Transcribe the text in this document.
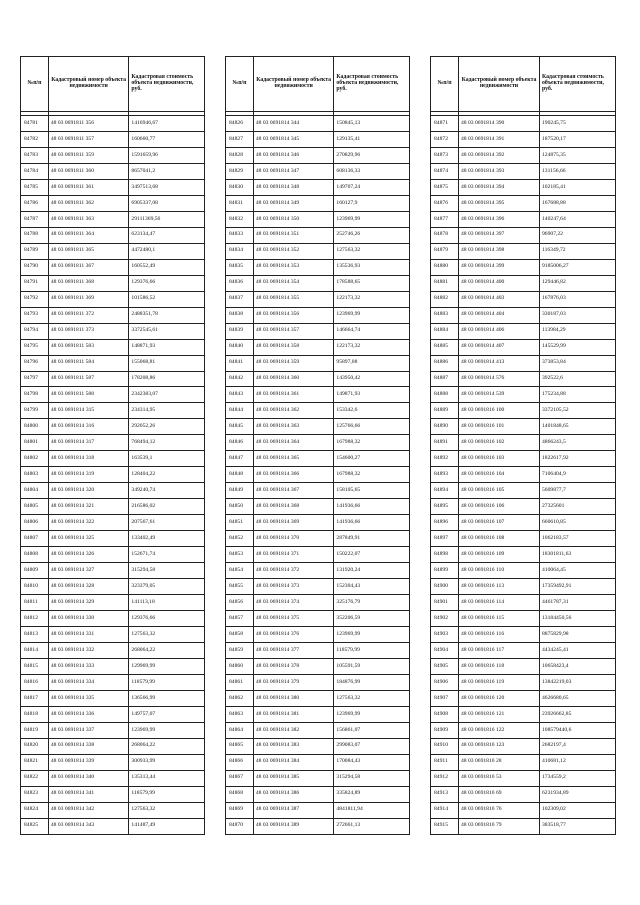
№п/п	Кадастровый номер объекта недвижимости	Кадастровая стоимость объекта недвижимости, руб.

84781	48 03 0691811 356	1416946,67
84782	48 03 0691811 357	160660,77
84783	48 03 0691811 359	1591659,96
84784	48 03 0691811 360	8657041,2
84785	48 03 0691811 361	3497513,68
84786	48 03 0691811 362	6905337,08
84787	48 03 0691811 363	29111369,56
84788	48 03 0691811 364	623134,47
84789	48 03 0691811 365	4472480,1
84790	48 03 0691811 367	160552,49
84791	48 03 0691811 368	129376,66
84792	48 03 0691811 369	101586,52
84793	48 03 0691811 372	2488351,78
84794	48 03 0691811 373	3372545,61
84795	48 03 0691811 583	148871,93
84796	48 03 0691811 584	155068,81
84797	48 03 0691811 587	178208,86
84798	48 03 0691811 588	2342383,07
84799	48 03 0691814 315	234314,95
84800	48 03 0691814 316	292052,26
84801	48 03 0691814 317	768494,12
84802	48 03 0691814 318	163539,1
84803	48 03 0691814 319	128404,22
84804	48 03 0691814 320	349240,74
84805	48 03 0691814 321	216586,02
84806	48 03 0691814 322	207567,61
84807	48 03 0691814 325	133402,49
84808	48 03 0691814 326	152671,74
84809	48 03 0691814 327	315294,58
84810	48 03 0691814 328	323379,05
84811	48 03 0691814 329	141113,18
84812	48 03 0691814 330	129376,66
84813	48 03 0691814 331	127563,32
84814	48 03 0691814 332	268064,22
84815	48 03 0691814 333	129969,99
84816	48 03 0691814 334	118579,99
84817	48 03 0691814 335	136566,99
84818	48 03 0691814 336	149757,07
84819	48 03 0691814 337	123969,99
84820	48 03 0691814 338	268064,22
84821	48 03 0691814 339	300933,99
84822	48 03 0691814 340	135313,44
84823	48 03 0691814 341	118579,99
84824	48 03 0691814 342	127563,32
84825	48 03 0691814 343	141487,49
№п/п	Кадастровый номер объекта недвижимости	Кадастровая стоимость объекта недвижимости, руб.

84826	48 03 0691814 344	150845,13
84827	48 03 0691814 345	129135,41
84828	48 03 0691814 346	270829,96
84829	48 03 0691814 347	608136,33
84830	48 03 0691814 348	149707,24
84831	48 03 0691814 349	160127,9
84832	48 03 0691814 350	123969,99
84833	48 03 0691814 351	252746,26
84834	48 03 0691814 352	127563,32
84835	48 03 0691814 353	135536,93
84836	48 03 0691814 354	178588,65
84837	48 03 0691814 355	122173,32
84838	48 03 0691814 356	123969,99
84839	48 03 0691814 357	146664,74
84840	48 03 0691814 358	122173,32
84841	48 03 0691814 359	95897,08
84842	48 03 0691814 360	143950,42
84843	48 03 0691814 361	149871,93
84844	48 03 0691814 362	153342,6
84845	48 03 0691814 363	125766,66
84846	48 03 0691814 364	167988,32
84847	48 03 0691814 365	154600,27
84848	48 03 0691814 366	167988,32
84849	48 03 0691814 367	158105,65
84850	48 03 0691814 368	141936,66
84851	48 03 0691814 369	141936,66
84852	48 03 0691814 370	287849,91
84853	48 03 0691814 371	150222,07
84854	48 03 0691814 372	131920,24
84855	48 03 0691814 373	152304,43
84856	48 03 0691814 374	325176,79
84857	48 03 0691814 375	352206,59
84858	48 03 0691814 376	123969,99
84859	48 03 0691814 377	118579,99
84860	48 03 0691814 378	105591,59
84861	48 03 0691814 379	184876,99
84862	48 03 0691814 380	127563,32
84863	48 03 0691814 381	123969,99
84864	48 03 0691814 382	156861,07
84865	48 03 0691814 383	299083,07
84866	48 03 0691814 384	170084,43
84867	48 03 0691814 385	315294,58
84868	48 03 0691814 386	335824,89
84869	48 03 0691814 387	4841811,94
84870	48 03 0691814 389	272661,13
№п/п	Кадастровый номер объекта недвижимости	Кадастровая стоимость объекта недвижимости, руб.

84871	48 03 0691814 390	190245,75
84872	48 03 0691814 391	187520,17
84873	48 03 0691814 392	124875,35
84874	48 03 0691814 393	131156,66
84875	48 03 0691814 394	102185,41
84876	48 03 0691814 395	167688,88
84877	48 03 0691814 396	140247,64
84878	48 03 0691814 397	96907,22
84879	48 03 0691814 398	116349,72
84880	48 03 0691814 399	9185006,27
84881	48 03 0691814 400	129446,82
84882	48 03 0691814 403	167876,03
84883	48 03 0691814 404	330187,03
84884	48 03 0691814 406	113984,29
84885	48 03 0691814 407	145529,99
84886	48 03 0691814 413	373853,84
84887	48 03 0691814 576	392522,6
84888	48 03 0691814 539	175234,88
84889	48 03 0691816 100	3372105,52
84890	48 03 0691816 101	1401848,65
84891	48 03 0691816 102	4866243,5
84892	48 03 0691816 103	1822617,92
84893	48 03 0691816 104	7106404,9
84894	48 03 0691816 105	5609877,7
84895	48 03 0691816 106	27325601
84896	48 03 0691816 107	660610,85
84897	48 03 0691816 108	1062183,57
84898	48 03 0691816 109	18301811,63
84899	48 03 0691816 110	410064,45
84900	48 03 0691816 113	17359492,91
84901	48 03 0691816 114	4461787,31
84902	48 03 0691816 115	13184450,56
84903	48 03 0691816 116	8875829,98
84904	48 03 0691816 117	4434245,41
84905	48 03 0691816 118	10658423,4
84906	48 03 0691816 119	13842219,03
84907	48 03 0691816 120	4626680,65
84908	48 03 0691816 121	23926662,85
84909	48 03 0691816 122	108579440,6
84910	48 03 0691816 123	2682197,4
84911	48 03 0691816 28	410681,12
84912	48 03 0691816 53	1734559,2
84913	48 03 0691816 69	6231934,89
84914	48 03 0691816 76	102309,02
84915	48 03 0691816 79	383518,77
